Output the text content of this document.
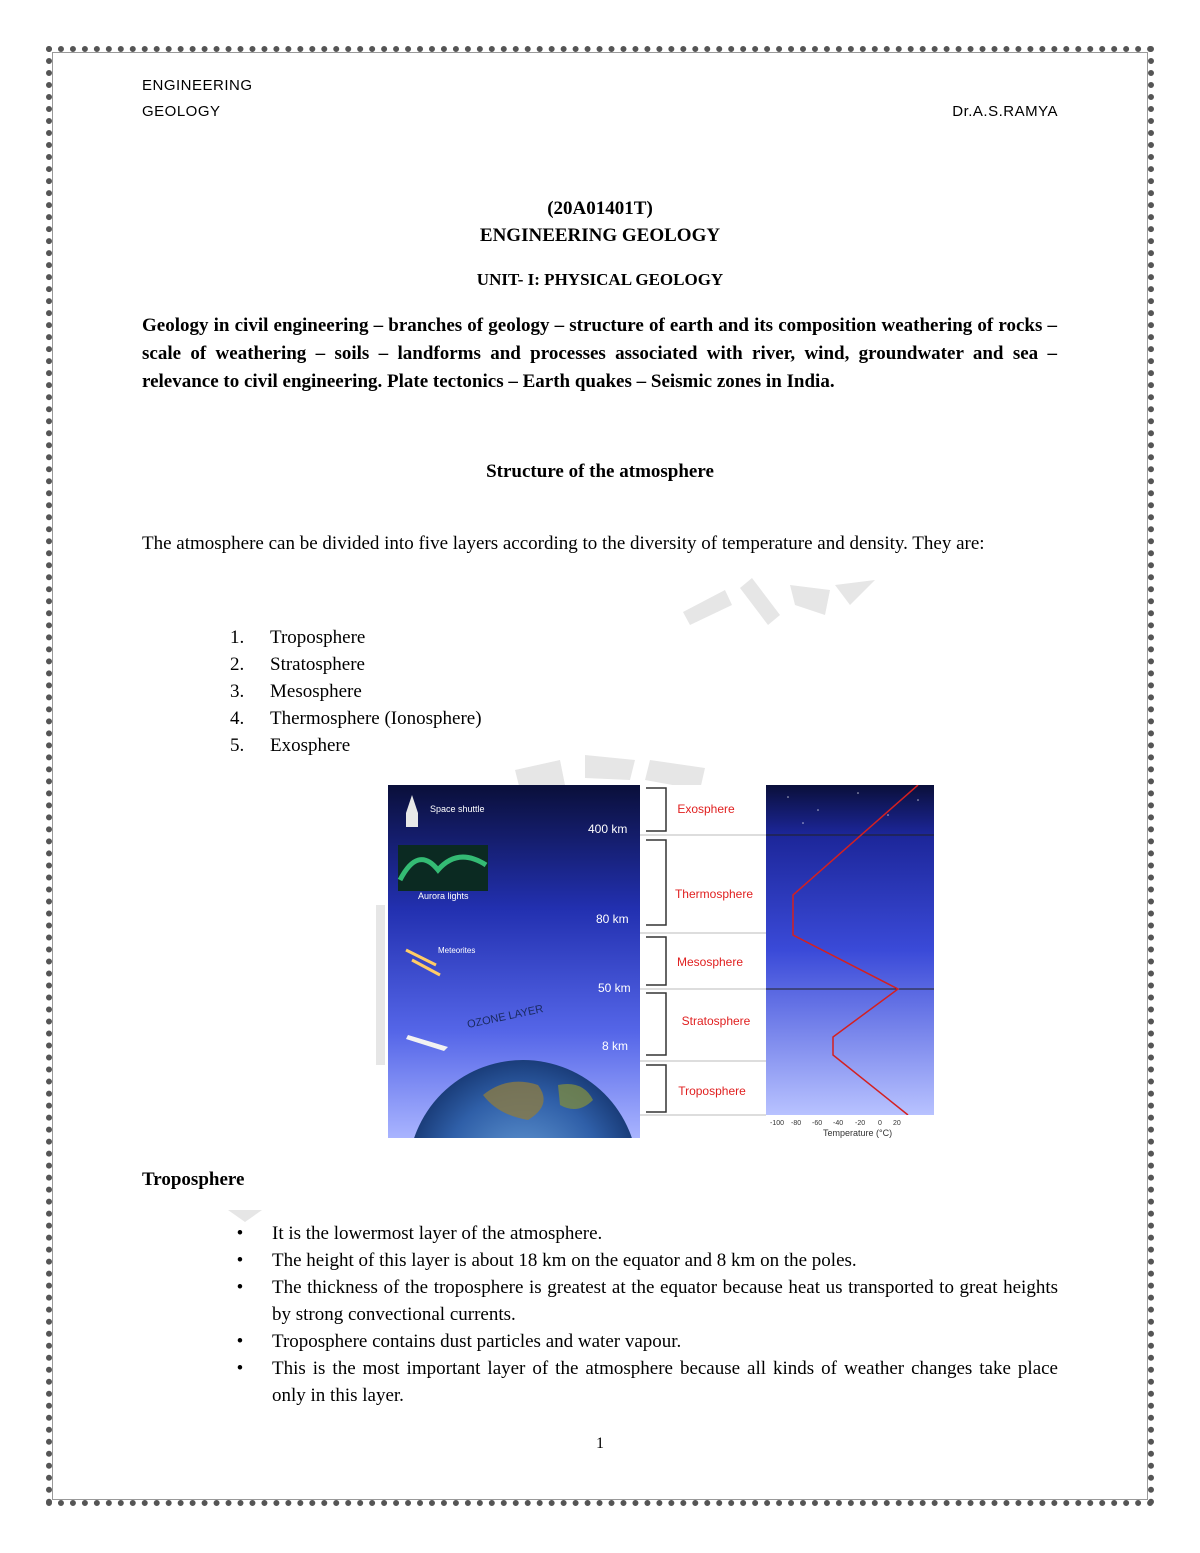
ENGINEERING
GEOLOGY	Dr.A.S.RAMYA
(20A01401T)
ENGINEERING GEOLOGY
UNIT- I: PHYSICAL GEOLOGY
Geology in civil engineering – branches of geology – structure of earth and its composition weathering of rocks – scale of weathering – soils – landforms and processes associated with river, wind, groundwater and sea – relevance to civil engineering. Plate tectonics – Earth quakes – Seismic zones in India.
Structure of the atmosphere
The atmosphere can be divided into five layers according to the diversity of temperature and density. They are:
1. Troposphere
2. Stratosphere
3. Mesosphere
4. Thermosphere (Ionosphere)
5. Exosphere
Space shuttle
Aurora lights
Meteorites
OZONE LAYER
400 km
80 km
50 km
8 km
Exosphere
Thermosphere
Mesosphere
Stratosphere
Troposphere
-100 -80 -60 -40 -20 0 20
Temperature (°C)
Troposphere
•	It is the lowermost layer of the atmosphere.
•	The height of this layer is about 18 km on the equator and 8 km on the poles.
•	The thickness of the troposphere is greatest at the equator because heat us transported to great heights by strong convectional currents.
•	Troposphere contains dust particles and water vapour.
•	This is the most important layer of the atmosphere because all kinds of weather changes take place only in this layer.
1
